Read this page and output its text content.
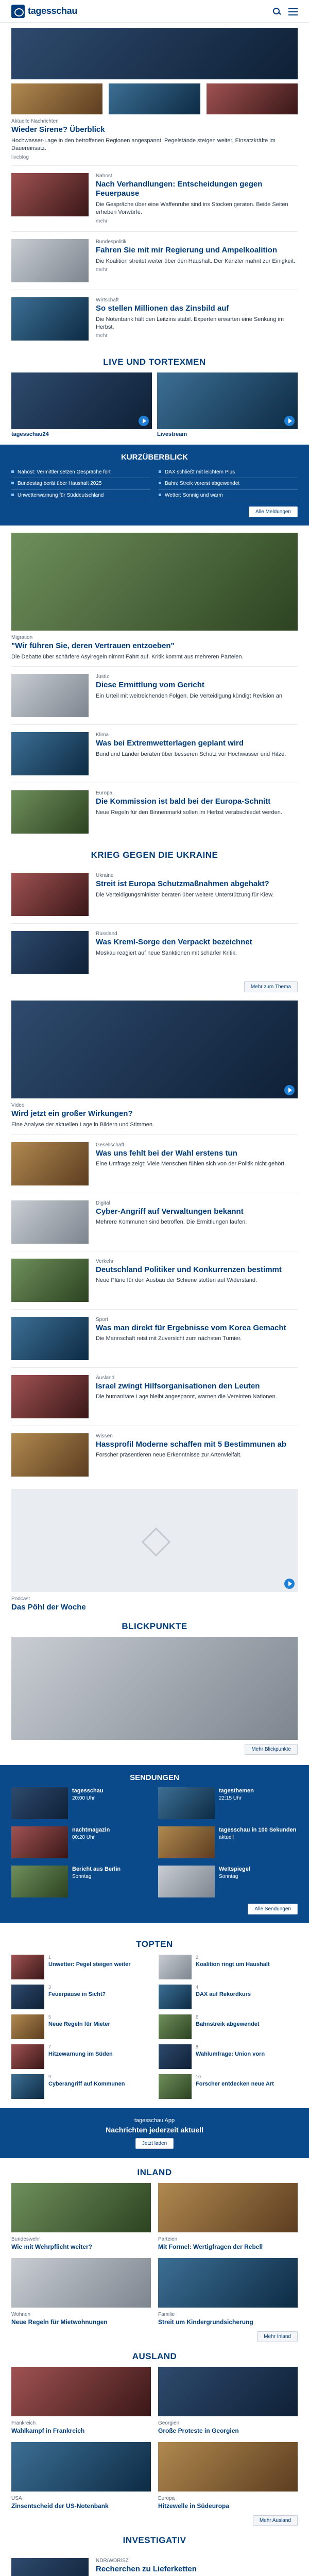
tagesschau
Aktuelle Nachrichten
Wieder Sirene? Überblick
Hochwasser-Lage in den betroffenen Regionen angespannt. Pegelstände steigen weiter, Einsatzkräfte im Dauereinsatz.
liveblog
Nahost
Nach Verhandlungen: Entscheidungen gegen Feuerpause
Die Gespräche über eine Waffenruhe sind ins Stocken geraten. Beide Seiten erheben Vorwürfe.
mehr
Bundespolitik
Fahren Sie mit mir Regierung und Ampelkoalition
Die Koalition streitet weiter über den Haushalt. Der Kanzler mahnt zur Einigkeit.
mehr
Wirtschaft
So stellen Millionen das Zinsbild auf
Die Notenbank hält den Leitzins stabil. Experten erwarten eine Senkung im Herbst.
mehr
LIVE UND TORTEXMEN
tagesschau24	Livestream
KURZÜBERBLICK
Nahost: Vermittler setzen Gespräche fort
Bundestag berät über Haushalt 2025
Unwetterwarnung für Süddeutschland
DAX schließt mit leichtem Plus
Bahn: Streik vorerst abgewendet
Wetter: Sonnig und warm
Alle Meldungen
Migration
"Wir führen Sie, deren Vertrauen entzoeben"
Die Debatte über schärfere Asylregeln nimmt Fahrt auf. Kritik kommt aus mehreren Parteien.
Justiz
Diese Ermittlung vom Gericht
Ein Urteil mit weitreichenden Folgen. Die Verteidigung kündigt Revision an.
Klima
Was bei Extremwetterlagen geplant wird
Bund und Länder beraten über besseren Schutz vor Hochwasser und Hitze.
Europa
Die Kommission ist bald bei der Europa-Schnitt
Neue Regeln für den Binnenmarkt sollen im Herbst verabschiedet werden.
KRIEG GEGEN DIE UKRAINE
Ukraine
Streit ist Europa Schutzmaßnahmen abgehakt?
Die Verteidigungsminister beraten über weitere Unterstützung für Kiew.
Russland
Was Kreml-Sorge den Verpackt bezeichnet
Moskau reagiert auf neue Sanktionen mit scharfer Kritik.
Mehr zum Thema
Video
Wird jetzt ein großer Wirkungen?
Eine Analyse der aktuellen Lage in Bildern und Stimmen.
Gesellschaft
Was uns fehlt bei der Wahl erstens tun
Eine Umfrage zeigt: Viele Menschen fühlen sich von der Politik nicht gehört.
Digital
Cyber-Angriff auf Verwaltungen bekannt
Mehrere Kommunen sind betroffen. Die Ermittlungen laufen.
Verkehr
Deutschland Politiker und Konkurrenzen bestimmt
Neue Pläne für den Ausbau der Schiene stoßen auf Widerstand.
Sport
Was man direkt für Ergebnisse vom Korea Gemacht
Die Mannschaft reist mit Zuversicht zum nächsten Turnier.
Ausland
Israel zwingt Hilfsorganisationen den Leuten
Die humanitäre Lage bleibt angespannt, warnen die Vereinten Nationen.
Wissen
Hassprofil Moderne schaffen mit 5 Bestimmunen ab
Forscher präsentieren neue Erkenntnisse zur Artenvielfalt.
Podcast
Das Pöhl der Woche
BLICKPUNKTE
Mehr Blickpunkte
SENDUNGEN
tagesschau
20:00 Uhr
tagesthemen
22:15 Uhr
nachtmagazin
00:20 Uhr
tagesschau in 100 Sekunden
aktuell
Bericht aus Berlin
Sonntag
Weltspiegel
Sonntag
Alle Sendungen
TOPTEN
1
Unwetter: Pegel steigen weiter
2
Koalition ringt um Haushalt
3
Feuerpause in Sicht?
4
DAX auf Rekordkurs
5
Neue Regeln für Mieter
6
Bahnstreik abgewendet
7
Hitzewarnung im Süden
8
Wahlumfrage: Union vorn
9
Cyberangriff auf Kommunen
10
Forscher entdecken neue Art
tagesschau App
Nachrichten jederzeit aktuell
Jetzt laden
INLAND
Bundeswehr
Wie mit Wehrpflicht weiter?
Parteien
Mit Formel: Wertigfragen der Rebell
Wohnen
Neue Regeln für Mietwohnungen
Familie
Streit um Kindergrundsicherung
Mehr Inland
AUSLAND
Frankreich
Wahlkampf in Frankreich
Georgien
Große Proteste in Georgien
USA
Zinsentscheid der US-Notenbank
Europa
Hitzewelle in Südeuropa
Mehr Ausland
INVESTIGATIV
NDR/WDR/SZ
Recherchen zu Lieferketten
